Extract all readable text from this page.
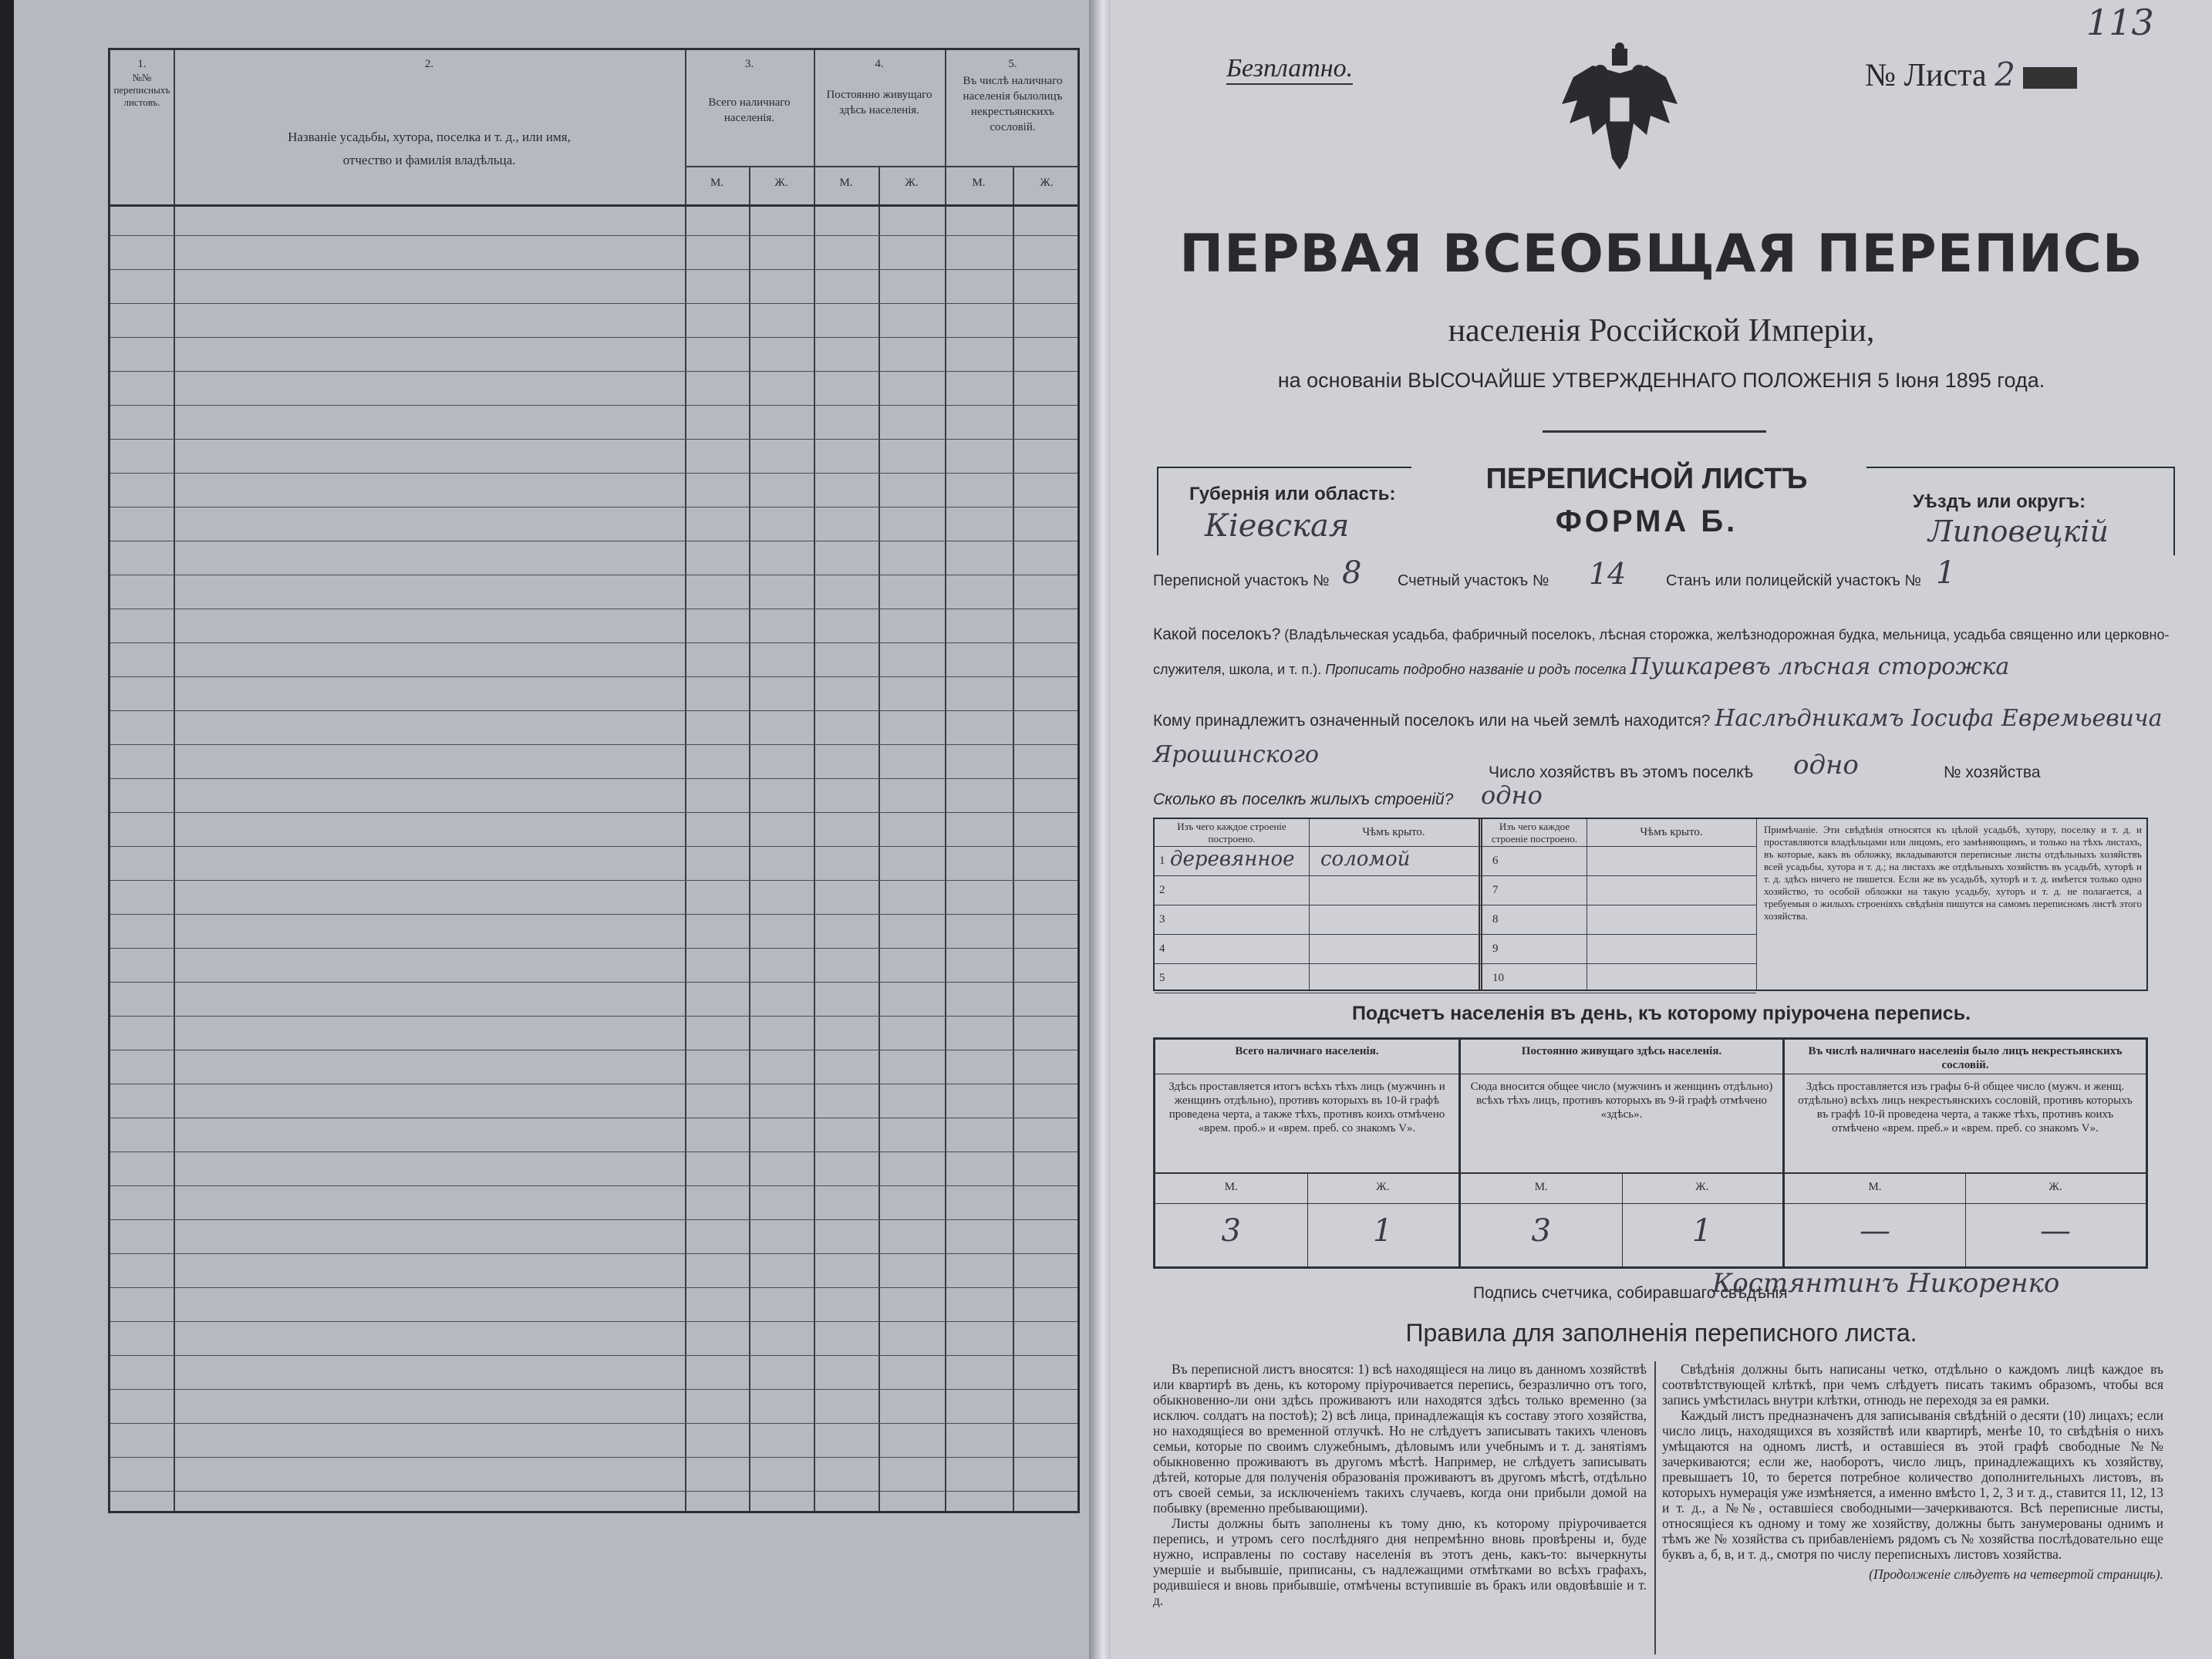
1.
№№ переписныхъ листовъ.
2.
Названіе усадьбы, хутора, поселка и т. д., или имя, отчество и фамилія владѣльца.
3.
Всего наличнаго населенія.
4.
Постоянно живущаго здѣсь населенія.
5.
Въ числѣ наличнаго населенія былолицъ некрестьянскихъ сословій.
М.	Ж.	М.	Ж.	М.	Ж.
113
Безплатно.	№ Листа 2
ПЕРВАЯ ВСЕОБЩАЯ ПЕРЕПИСЬ
населенія Россійской Имперіи,
на основаніи ВЫСОЧАЙШЕ УТВЕРЖДЕННАГО ПОЛОЖЕНІЯ 5 Іюня 1895 года.
Губернія или область:
Кіевская
ПЕРЕПИСНОЙ ЛИСТЪ
ФОРМА Б.
Уѣздъ или округъ:
Липовецкій
Переписной участокъ № 8 Счетный участокъ № 14	Станъ или полицейскій участокъ № 1
Какой поселокъ? (Владѣльческая усадьба, фабричный поселокъ, лѣсная сторожка, желѣзнодорожная будка, мельница, усадьба священно или церковно-служителя, школа, и т. п.). Прописать подробно названіе и родъ поселка Пушкаревъ лѣсная сторожка
Кому принадлежитъ означенный поселокъ или на чьей землѣ находится? Наслѣдникамъ Іосифа Евремьевича Ярошинского
Число хозяйствъ въ этомъ поселкѣ одно	№ хозяйства
Сколько въ поселкѣ жилыхъ строеній? одно
Изъ чего каждое строеніе построено.
Чѣмъ крыто.	Изъ чего каждое строеніе построено.
Чѣмъ крыто.
1 деревянное соломой
2
3
4
5
6
7
8
9
10
Примѣчаніе. Эти свѣдѣнія относятся къ цѣлой усадьбѣ, хутору, поселку и т. д. и проставляются владѣльцами или лицомъ, его замѣняющимъ, и только на тѣхъ листахъ, въ которые, какъ въ обложку, вкладываются переписные листы отдѣльныхъ хозяйствъ всей усадьбы, хутора и т. д.; на листахъ же отдѣльныхъ хозяйствъ въ усадьбѣ, хуторѣ и т. д. здѣсь ничего не пишется. Если же въ усадьбѣ, хуторѣ и т. д. имѣется только одно хозяйство, то особой обложки на такую усадьбу, хуторъ и т. д. не полагается, а требуемыя о жилыхъ строеніяхъ свѣдѣнія пишутся на самомъ переписномъ листѣ этого хозяйства.
Подсчетъ населенія въ день, къ которому пріурочена перепись.
Всего наличнаго населенія.
Здѣсь проставляется итогъ всѣхъ тѣхъ лицъ (мужчинъ и женщинъ отдѣльно), противъ которыхъ въ 10-й графѣ проведена черта, а также тѣхъ, противъ коихъ отмѣчено «врем. проб.» и «врем. преб. со знакомъ V».
М.	Ж.
3	1
Постоянно живущаго здѣсь населенія.
Сюда вносится общее число (мужчинъ и женщинъ отдѣльно) всѣхъ тѣхъ лицъ, противъ которыхъ въ 9-й графѣ отмѣчено «здѣсь».
М.	Ж.
3	1
Въ числѣ наличнаго населенія было лицъ некрестьянскихъ сословій.
Здѣсь проставляется изъ графы 6-й общее число (мужч. и женщ. отдѣльно) всѣхъ лицъ некрестьянскихъ сословій, противъ которыхъ въ графѣ 10-й проведена черта, а также тѣхъ, противъ коихъ отмѣчено «врем. преб.» и «врем. преб. со знакомъ V».
М.	Ж.
—	—
Подпись счетчика, собиравшаго свѣдѣнія
Костянтинъ Никоренко
Правила для заполненія переписного листа.
Въ переписной листъ вносятся: 1) всѣ находящіеся на лицо въ данномъ хозяйствѣ или квартирѣ въ день, къ которому пріурочивается перепись, безразлично отъ того, обыкновенно-ли они здѣсь проживаютъ или находятся здѣсь только временно (за исключ. солдатъ на постоѣ); 2) всѣ лица, принадлежащія къ составу этого хозяйства, но находящіеся во временной отлучкѣ. Но не слѣдуетъ записывать такихъ членовъ семьи, которые по своимъ служебнымъ, дѣловымъ или учебнымъ и т. д. занятіямъ обыкновенно проживаютъ въ другомъ мѣстѣ. Например, не слѣдуетъ записывать дѣтей, которые для полученія образованія проживаютъ въ другомъ мѣстѣ, отдѣльно отъ своей семьи, за исключеніемъ такихъ случаевъ, когда они прибыли домой на побывку (временно пребывающими).
Листы должны быть заполнены къ тому дню, къ которому пріурочивается перепись, и утромъ сего послѣдняго дня непремѣнно вновь провѣрены и, буде нужно, исправлены по составу населенія въ этотъ день, какъ-то: вычеркнуты умершіе и выбывшіе, приписаны, съ надлежащими отмѣтками во всѣхъ графахъ, родившіеся и вновь прибывшіе, отмѣчены вступившіе въ бракъ или овдовѣвшіе и т. д.
Свѣдѣнія должны быть написаны четко, отдѣльно о каждомъ лицѣ каждое въ соотвѣтствующей клѣткѣ, при чемъ слѣдуетъ писать такимъ образомъ, чтобы вся запись умѣстилась внутри клѣтки, отнюдь не переходя за ея рамки.
Каждый листъ предназначенъ для записыванія свѣдѣній о десяти (10) лицахъ; если число лицъ, находящихся въ хозяйствѣ или квартирѣ, менѣе 10, то свѣдѣнія о нихъ умѣщаются на одномъ листѣ, и оставшіеся въ этой графѣ свободные №№ зачеркиваются; если же, наоборотъ, число лицъ, принадлежащихъ къ хозяйству, превышаетъ 10, то берется потребное количество дополнительныхъ листовъ, въ которыхъ нумерація уже измѣняется, а именно вмѣсто 1, 2, 3 и т. д., ставится 11, 12, 13 и т. д., а №№, оставшіеся свободными—зачеркиваются. Всѣ переписные листы, относящіеся къ одному и тому же хозяйству, должны быть занумерованы однимъ и тѣмъ же № хозяйства съ прибавленіемъ рядомъ съ № хозяйства послѣдовательно еще буквъ а, б, в, и т. д., смотря по числу переписныхъ листовъ хозяйства.
(Продолженіе слѣдуетъ на четвертой страницѣ).
